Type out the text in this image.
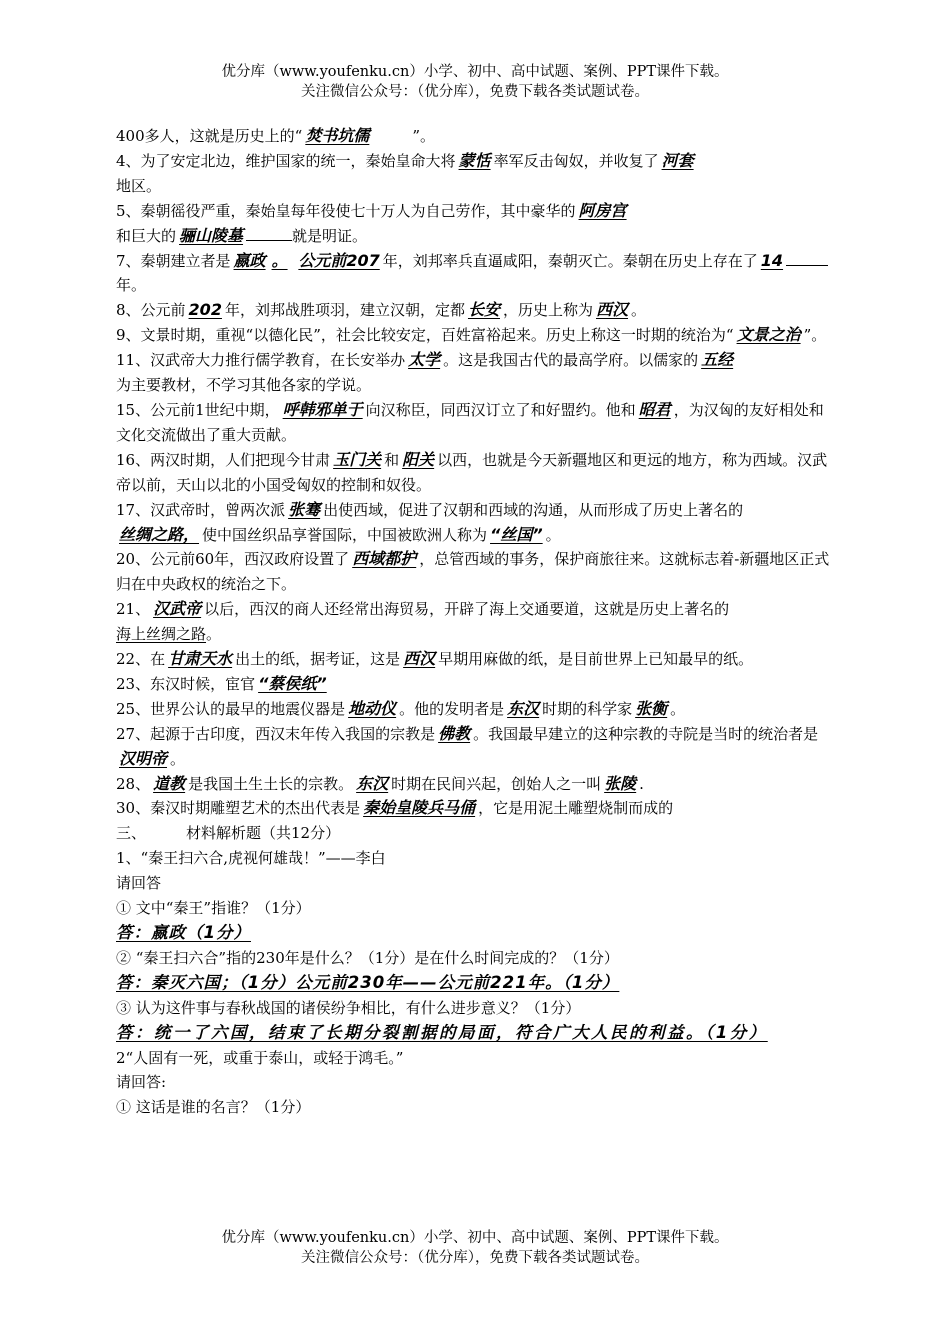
优分库（www.youfenku.cn）小学、初中、高中试题、案例、PPT课件下载。
关注微信公众号：（优分库），免费下载各类试题试卷。

400多人，这就是历史上的“ 焚书坑儒	”。

4、为了安定北边，维护国家的统一，秦始皇命大将 蒙恬 率军反击匈奴，并收复了 河套
地区。

5、秦朝徭役严重，秦始皇每年役使七十万人为自己劳作，其中豪华的 阿房宫
和巨大的 骊山陵墓	就是明证。

7、秦朝建立者是 嬴政 。 公元前207 年，刘邦率兵直逼咸阳，秦朝灭亡。秦朝在历史上存在了 14年。

8、公元前 202 年，刘邦战胜项羽，建立汉朝，定都 长安 ，历史上称为 西汉 。

9、文景时期，重视“以德化民”，社会比较安定，百姓富裕起来。历史上称这一时期的统治为“ 文景之治 ”。

11、汉武帝大力推行儒学教育，在长安举办 太学 。这是我国古代的最高学府。以儒家的 五经
为主要教材，不学习其他各家的学说。

15、公元前1世纪中期， 呼韩邪单于 向汉称臣，同西汉订立了和好盟约。他和 昭君 ，为汉匈的友好相处和文化交流做出了重大贡献。

16、两汉时期，人们把现今甘肃 玉门关 和 阳关 以西，也就是今天新疆地区和更远的地方，称为西域。汉武帝以前，天山以北的小国受匈奴的控制和奴役。

17、汉武帝时，曾两次派 张骞 出使西域，促进了汉朝和西域的沟通，从而形成了历史上著名的
丝绸之路， 使中国丝织品享誉国际，中国被欧洲人称为 “丝国” 。

20、公元前60年，西汉政府设置了 西域都护 ，总管西域的事务，保护商旅往来。这就标志着-新疆地区正式归在中央政权的统治之下。

21、 汉武帝 以后，西汉的商人还经常出海贸易，开辟了海上交通要道，这就是历史上著名的
海上丝绸之路。

22、在 甘肃天水 出土的纸，据考证，这是 西汉 早期用麻做的纸，是目前世界上已知最早的纸。

23、东汉时候，宦官 “蔡侯纸”

25、世界公认的最早的地震仪器是 地动仪 。他的发明者是 东汉 时期的科学家 张衡 。

27、起源于古印度，西汉末年传入我国的宗教是 佛教 。我国最早建立的这种宗教的寺院是当时的统治者是汉明帝 。

28、 道教 是我国土生土长的宗教。 东汉 时期在民间兴起，创始人之一叫 张陵 .

30、秦汉时期雕塑艺术的杰出代表是 秦始皇陵兵马俑 ，它是用泥土雕塑烧制而成的

三、	材料解析题（共12分）

1、“秦王扫六合,虎视何雄哉！”——李白

请回答

① 文中“秦王”指谁？（1分）

答：嬴政（1分）

② “秦王扫六合”指的230年是什么？（1分）是在什么时间完成的？（1分）

答：秦灭六国；（1分）公元前230年——公元前221年。（1分）

③ 认为这件事与春秋战国的诸侯纷争相比，有什么进步意义？（1分）

答：统一了六国，结束了长期分裂割据的局面，符合广大人民的利益。（1分）

2“人固有一死，或重于泰山，或轻于鸿毛。”

请回答:

① 这话是谁的名言？（1分）

优分库（www.youfenku.cn）小学、初中、高中试题、案例、PPT课件下载。
关注微信公众号：（优分库），免费下载各类试题试卷。
